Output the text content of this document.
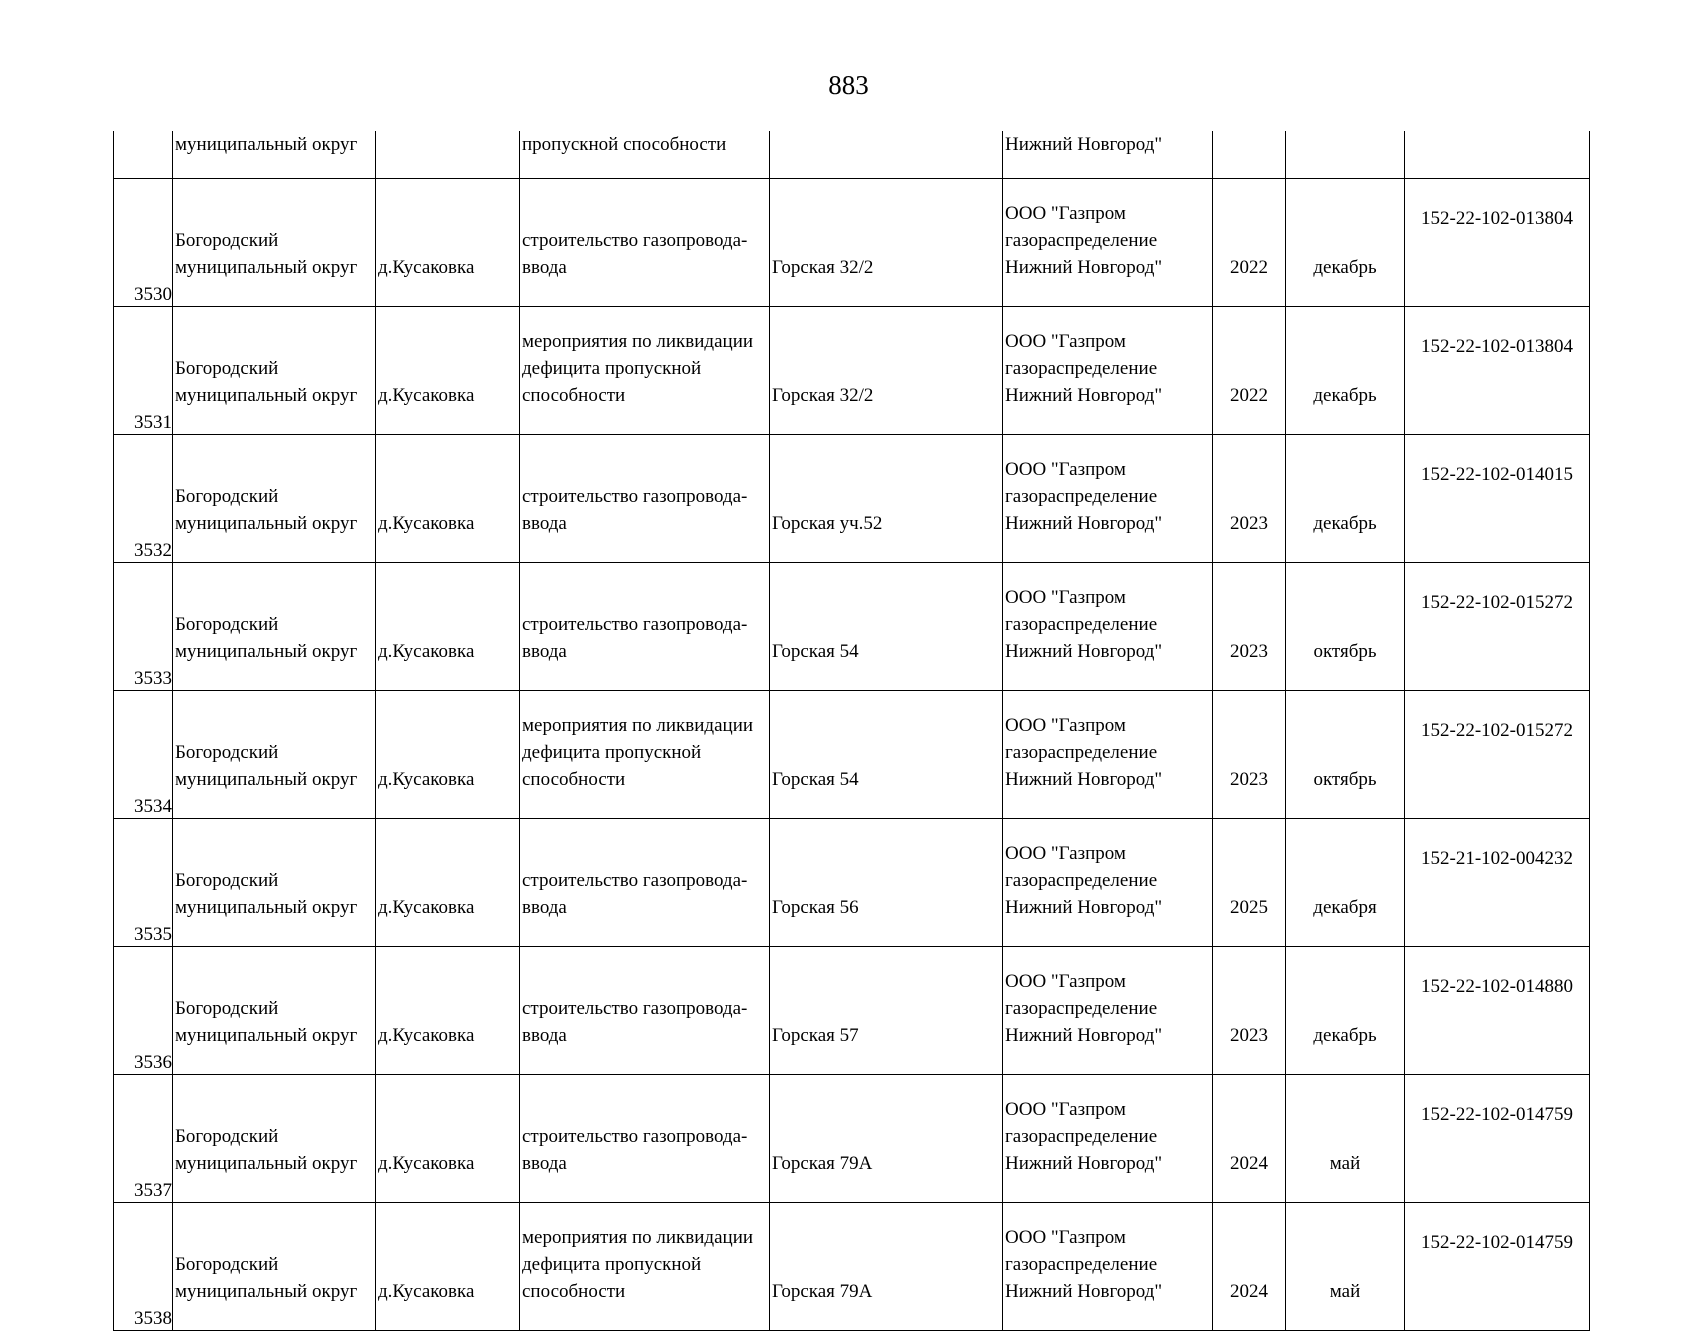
883
	муниципальный округ		пропускной способности		Нижний Новгород"			

3530	Богородский муниципальный округ	д.Кусаковка	строительство газопровода-ввода	Горская 32/2	ООО "Газпром газораспределение Нижний Новгород"	2022	декабрь	152-22-102-013804

3531	Богородский муниципальный округ	д.Кусаковка	мероприятия по ликвидации дефицита пропускной способности	Горская 32/2	ООО "Газпром газораспределение Нижний Новгород"	2022	декабрь	152-22-102-013804

3532	Богородский муниципальный округ	д.Кусаковка	строительство газопровода-ввода	Горская уч.52	ООО "Газпром газораспределение Нижний Новгород"	2023	декабрь	152-22-102-014015

3533	Богородский муниципальный округ	д.Кусаковка	строительство газопровода-ввода	Горская 54	ООО "Газпром газораспределение Нижний Новгород"	2023	октябрь	152-22-102-015272

3534	Богородский муниципальный округ	д.Кусаковка	мероприятия по ликвидации дефицита пропускной способности	Горская 54	ООО "Газпром газораспределение Нижний Новгород"	2023	октябрь	152-22-102-015272

3535	Богородский муниципальный округ	д.Кусаковка	строительство газопровода-ввода	Горская 56	ООО "Газпром газораспределение Нижний Новгород"	2025	декабря	152-21-102-004232

3536	Богородский муниципальный округ	д.Кусаковка	строительство газопровода-ввода	Горская 57	ООО "Газпром газораспределение Нижний Новгород"	2023	декабрь	152-22-102-014880

3537	Богородский муниципальный округ	д.Кусаковка	строительство газопровода-ввода	Горская 79А	ООО "Газпром газораспределение Нижний Новгород"	2024	май	152-22-102-014759

3538	Богородский муниципальный округ	д.Кусаковка	мероприятия по ликвидации дефицита пропускной способности	Горская 79А	ООО "Газпром газораспределение Нижний Новгород"	2024	май	152-22-102-014759
